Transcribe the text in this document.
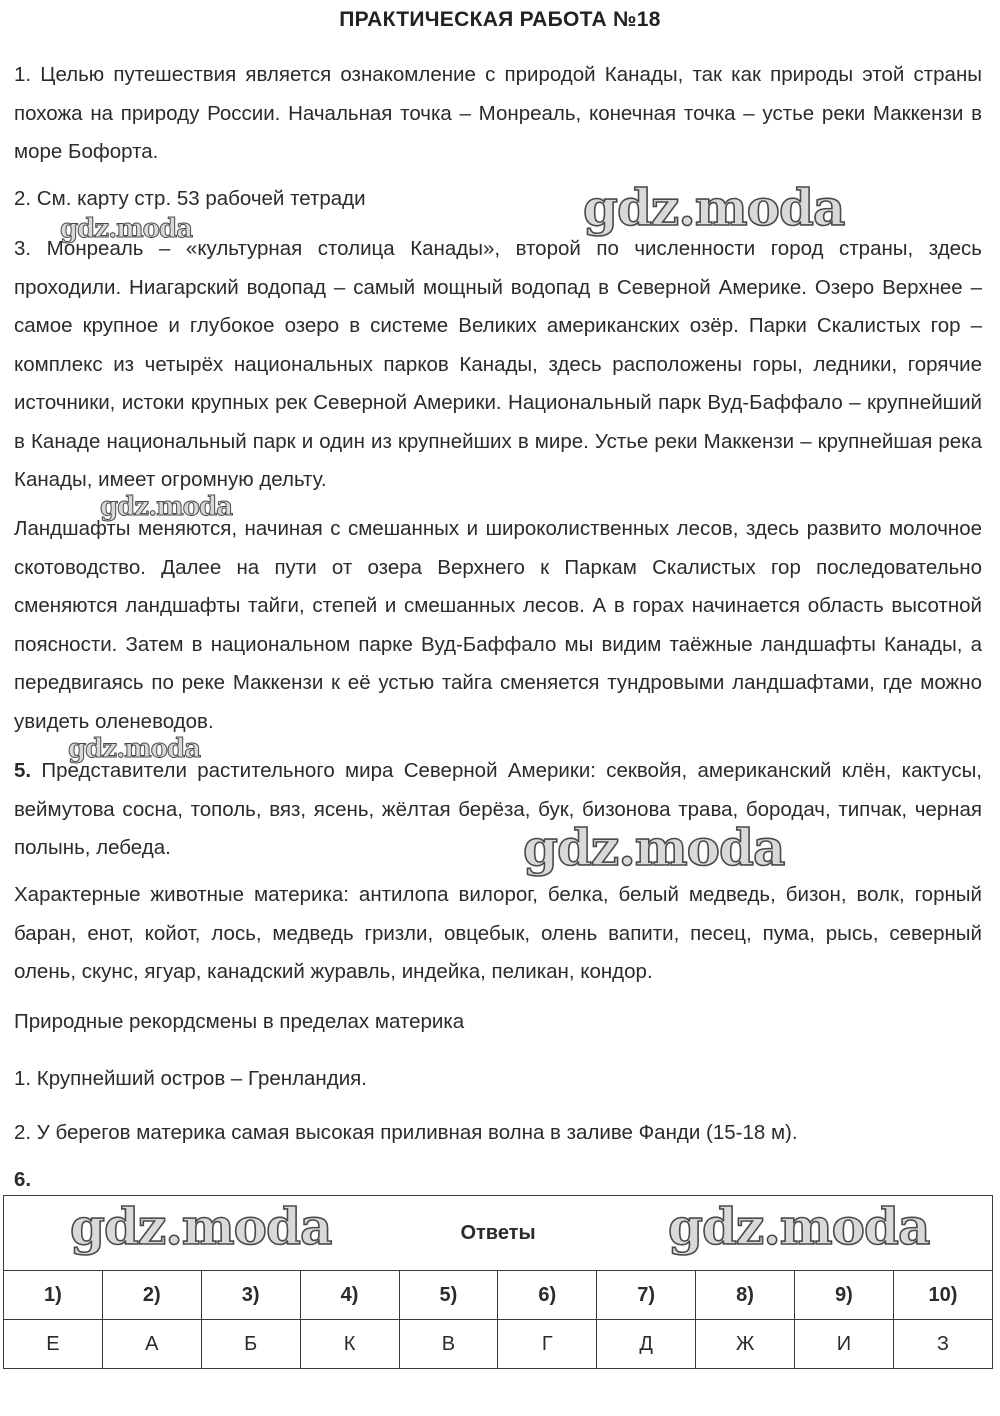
ПРАКТИЧЕСКАЯ РАБОТА №18

1. Целью путешествия является ознакомление с природой Канады, так как природы этой страны похожа на природу России. Начальная точка – Монреаль, конечная точка – устье реки Маккензи в море Бофорта.

2. См. карту стр. 53 рабочей тетради

3. Монреаль – «культурная столица Канады», второй по численности город страны, здесь проходили. Ниагарский водопад – самый мощный водопад в Северной Америке. Озеро Верхнее – самое крупное и глубокое озеро в системе Великих американских озёр. Парки Скалистых гор – комплекс из четырёх национальных парков Канады, здесь расположены горы, ледники, горячие источники, истоки крупных рек Северной Америки. Национальный парк Вуд-Баффало – крупнейший в Канаде национальный парк и один из крупнейших в мире. Устье реки Маккензи – крупнейшая река Канады, имеет огромную дельту.

Ландшафты меняются, начиная с смешанных и широколиственных лесов, здесь развито молочное скотоводство. Далее на пути от озера Верхнего к Паркам Скалистых гор последовательно сменяются ландшафты тайги, степей и смешанных лесов. А в горах начинается область высотной поясности. Затем в национальном парке Вуд-Баффало мы видим таёжные ландшафты Канады, а передвигаясь по реке Маккензи к её устью тайга сменяется тундровыми ландшафтами, где можно увидеть оленеводов.

5. Представители растительного мира Северной Америки: секвойя, американский клён, кактусы, веймутова сосна, тополь, вяз, ясень, жёлтая берёза, бук, бизонова трава, бородач, типчак, черная полынь, лебеда.

Характерные животные материка: антилопа вилорог, белка, белый медведь, бизон, волк, горный баран, енот, койот, лось, медведь гризли, овцебык, олень вапити, песец, пума, рысь, северный олень, скунс, ягуар, канадский журавль, индейка, пеликан, кондор.

Природные рекордсмены в пределах материка
1. Крупнейший остров – Гренландия.
2. У берегов материка самая высокая приливная волна в заливе Фанди (15-18 м).
6.
Ответы									
1)	2)	3)	4)	5)	6)	7)	8)	9)	10)
Е	А	Б	К	В	Г	Д	Ж	И	З
gdz.moda
gdz.moda
gdz.moda
gdz.moda
gdz.moda
gdz.moda	gdz.moda
